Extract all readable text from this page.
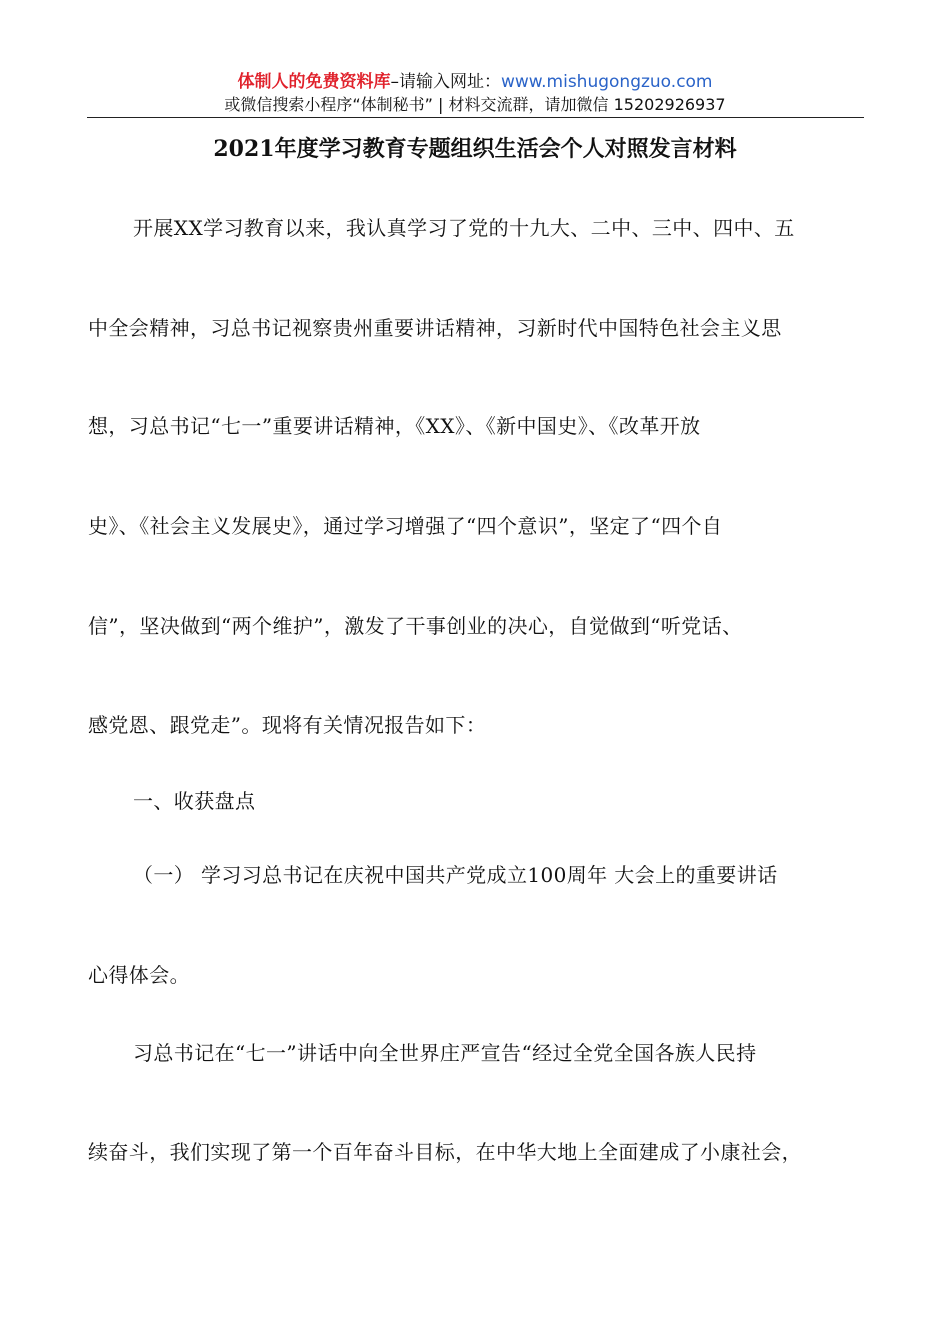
体制人的免费资料库–请输入网址：www.mishugongzuo.com
或微信搜索小程序“体制秘书” | 材料交流群，请加微信 15202926937
2021年度学习教育专题组织生活会个人对照发言材料
开展XX学习教育以来，我认真学习了党的十九大、二中、三中、四中、五
中全会精神，习总书记视察贵州重要讲话精神，习新时代中国特色社会主义思
想，习总书记“七一”重要讲话精神，《XX》、《新中国史》、《改革开放
史》、《社会主义发展史》，通过学习增强了“四个意识”，坚定了“四个自
信”，坚决做到“两个维护”，激发了干事创业的决心，自觉做到“听党话、
感党恩、跟党走”。现将有关情况报告如下：
一、收获盘点
（一） 学习习总书记在庆祝中国共产党成立100周年 大会上的重要讲话
心得体会。
习总书记在“七一”讲话中向全世界庄严宣告“经过全党全国各族人民持
续奋斗，我们实现了第一个百年奋斗目标，在中华大地上全面建成了小康社会，
